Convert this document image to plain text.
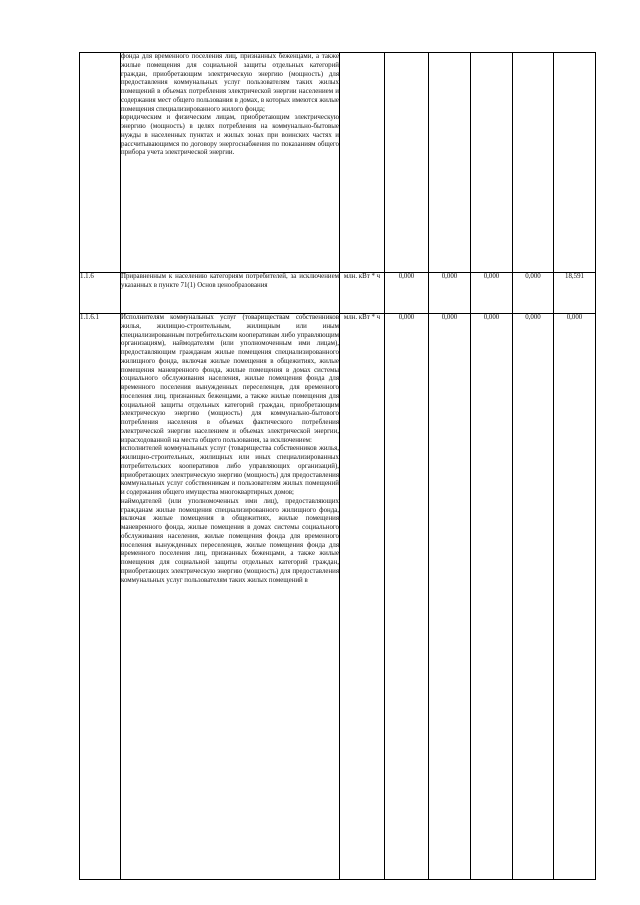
	фонда для временного поселения лиц, признанных беженцами, а также жилые помещения для социальной защиты отдельных категорий граждан, приобретающим электрическую энергию (мощность) для предоставления коммунальных услуг пользователям таких жилых помещений в объемах потребления электрической энергии населением и содержания мест общего пользования в домах, в которых имеются жилые помещения специализированного жилого фонда;

юридическим и физическим лицам, приобретающим электрическую энергию (мощность) в целях потребления на коммунально-бытовые нужды в населенных пунктах и жилых зонах при воинских частях и рассчитывающимся по договору энергоснабжения по показаниям общего прибора учета электрической энергии.						

1.1.6	Приравненным к населению категориям потребителей, за исключением указанных в пункте 71(1) Основ ценообразования	млн. кВт * ч	0,000	0,000	0,000	0,000	18,591
1.1.6.1	Исполнителям коммунальных услуг (товариществам собственников жилья, жилищно-строительным, жилищным или иным специализированным потребительским кооперативам либо управляющим организациям), наймодателям (или уполномоченным ими лицам), предоставляющим гражданам жилые помещения специализированного жилищного фонда, включая жилые помещения в общежитиях, жилые помещения маневренного фонда, жилые помещения в домах системы социального обслуживания населения, жилые помещения фонда для временного поселения вынужденных переселенцев, для временного поселения лиц, признанных беженцами, а также жилые помещения для социальной защиты отдельных категорий граждан, приобретающим электрическую энергию (мощность) для коммунально-бытового потребления населения в объемах фактического потребления электрической энергии населением и объемах электрической энергии, израсходованной на места общего пользования, за исключением:

исполнителей коммунальных услуг (товарищества собственников жилья, жилищно-строительных, жилищных или иных специализированных потребительских кооперативов либо управляющих организаций), приобретающих электрическую энергию (мощность) для предоставления коммунальных услуг собственникам и пользователям жилых помещений и содержания общего имущества многоквартирных домов;

наймодателей (или уполномоченных ими лиц), предоставляющих гражданам жилые помещения специализированного жилищного фонда, включая жилые помещения в общежитиях, жилые помещения маневренного фонда, жилые помещения в домах системы социального обслуживания населения, жилые помещения фонда для временного поселения вынужденных переселенцев, жилые помещения фонда для временного поселения лиц, признанных беженцами, а также жилые помещения для социальной защиты отдельных категорий граждан, приобретающих электрическую энергию (мощность) для предоставления коммунальных услуг пользователям таких жилых помещений в	млн. кВт * ч	0,000	0,000	0,000	0,000	0,000
